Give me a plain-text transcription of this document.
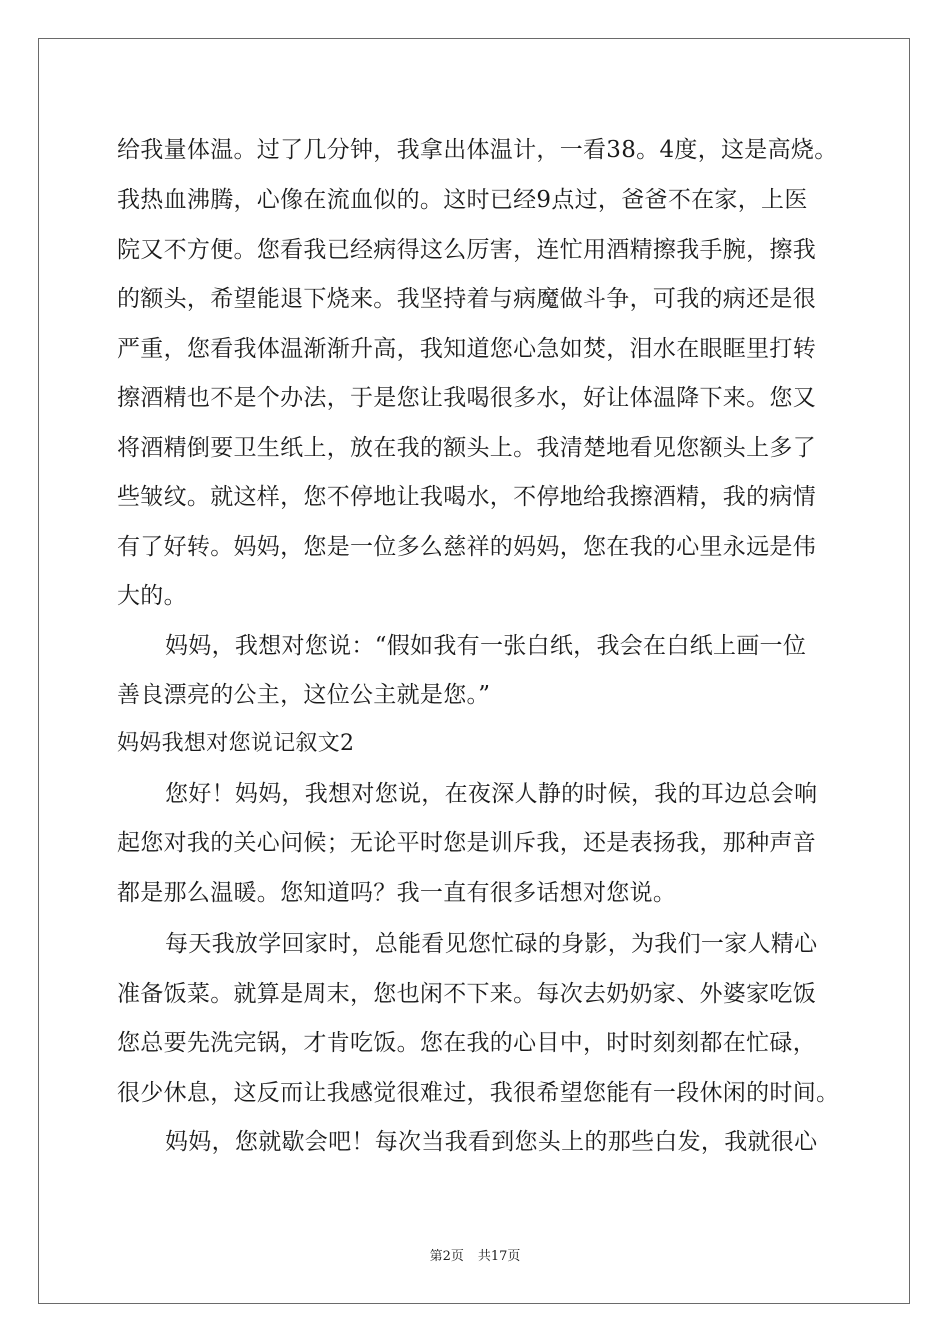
给我量体温。过了几分钟，我拿出体温计，一看38。4度，这是高烧。
我热血沸腾，心像在流血似的。这时已经9点过，爸爸不在家，上医
院又不方便。您看我已经病得这么厉害，连忙用酒精擦我手腕，擦我
的额头，希望能退下烧来。我坚持着与病魔做斗争，可我的病还是很
严重，您看我体温渐渐升高，我知道您心急如焚，泪水在眼眶里打转
擦酒精也不是个办法，于是您让我喝很多水，好让体温降下来。您又
将酒精倒要卫生纸上，放在我的额头上。我清楚地看见您额头上多了
些皱纹。就这样，您不停地让我喝水，不停地给我擦酒精，我的病情
有了好转。妈妈，您是一位多么慈祥的妈妈，您在我的心里永远是伟
大的。
妈妈，我想对您说：“假如我有一张白纸，我会在白纸上画一位
善良漂亮的公主，这位公主就是您。”
妈妈我想对您说记叙文2
您好！妈妈，我想对您说，在夜深人静的时候，我的耳边总会响
起您对我的关心问候；无论平时您是训斥我，还是表扬我，那种声音
都是那么温暖。您知道吗？我一直有很多话想对您说。
每天我放学回家时，总能看见您忙碌的身影，为我们一家人精心
准备饭菜。就算是周末，您也闲不下来。每次去奶奶家、外婆家吃饭
您总要先洗完锅，才肯吃饭。您在我的心目中，时时刻刻都在忙碌，
很少休息，这反而让我感觉很难过，我很希望您能有一段休闲的时间。
妈妈，您就歇会吧！每次当我看到您头上的那些白发，我就很心
第2页 共17页
